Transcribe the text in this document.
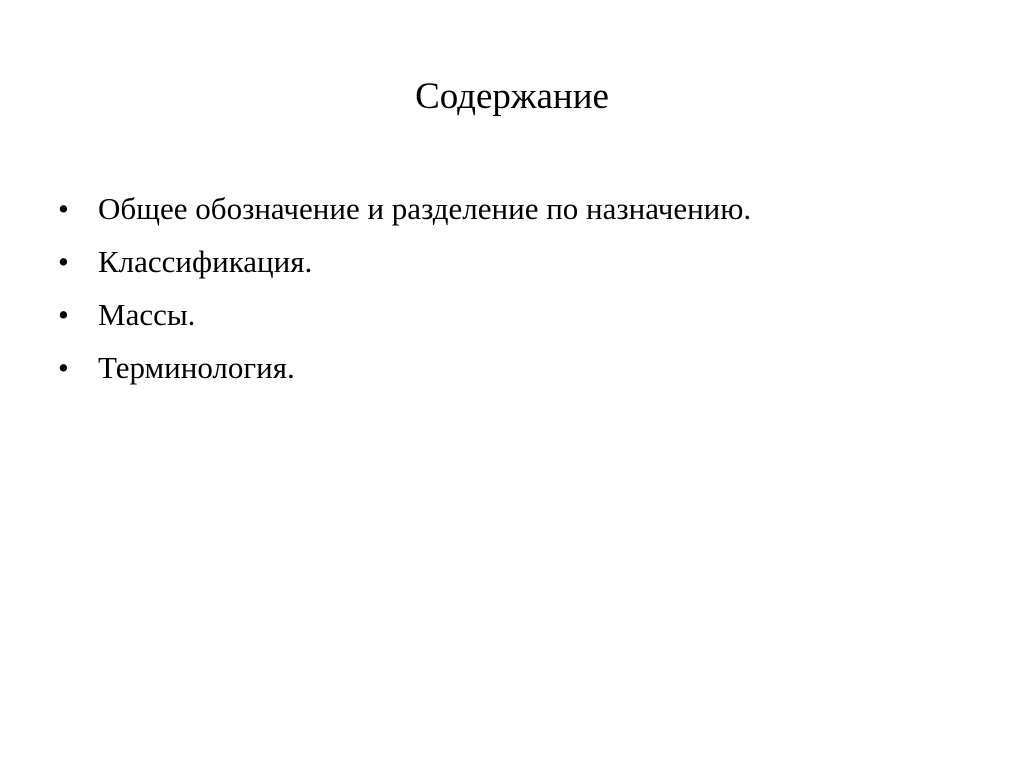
Содержание
• Общее обозначение и разделение по назначению.
• Классификация.
• Массы.
• Терминология.
